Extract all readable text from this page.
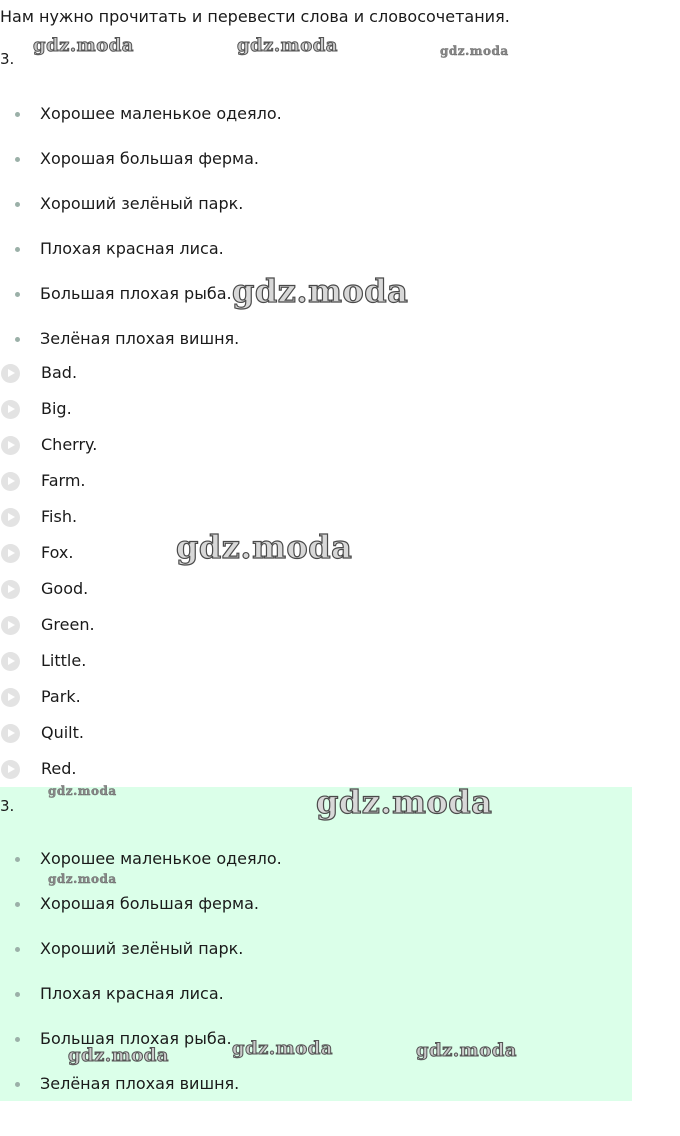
Нам нужно прочитать и перевести слова и словосочетания.
3.
Хорошее маленькое одеяло.
Хорошая большая ферма.
Хороший зелёный парк.
Плохая красная лиса.
Большая плохая рыба.
Зелёная плохая вишня.
Bad.
Big.
Cherry.
Farm.
Fish.
Fox.
Good.
Green.
Little.
Park.
Quilt.
Red.
3.
Хорошее маленькое одеяло.
Хорошая большая ферма.
Хороший зелёный парк.
Плохая красная лиса.
Большая плохая рыба.
Зелёная плохая вишня.
gdz.moda	gdz.moda	gdz.moda
gdz.moda
gdz.moda
gdz.moda	gdz.moda
gdz.moda
gdz.moda	gdz.moda	gdz.moda
